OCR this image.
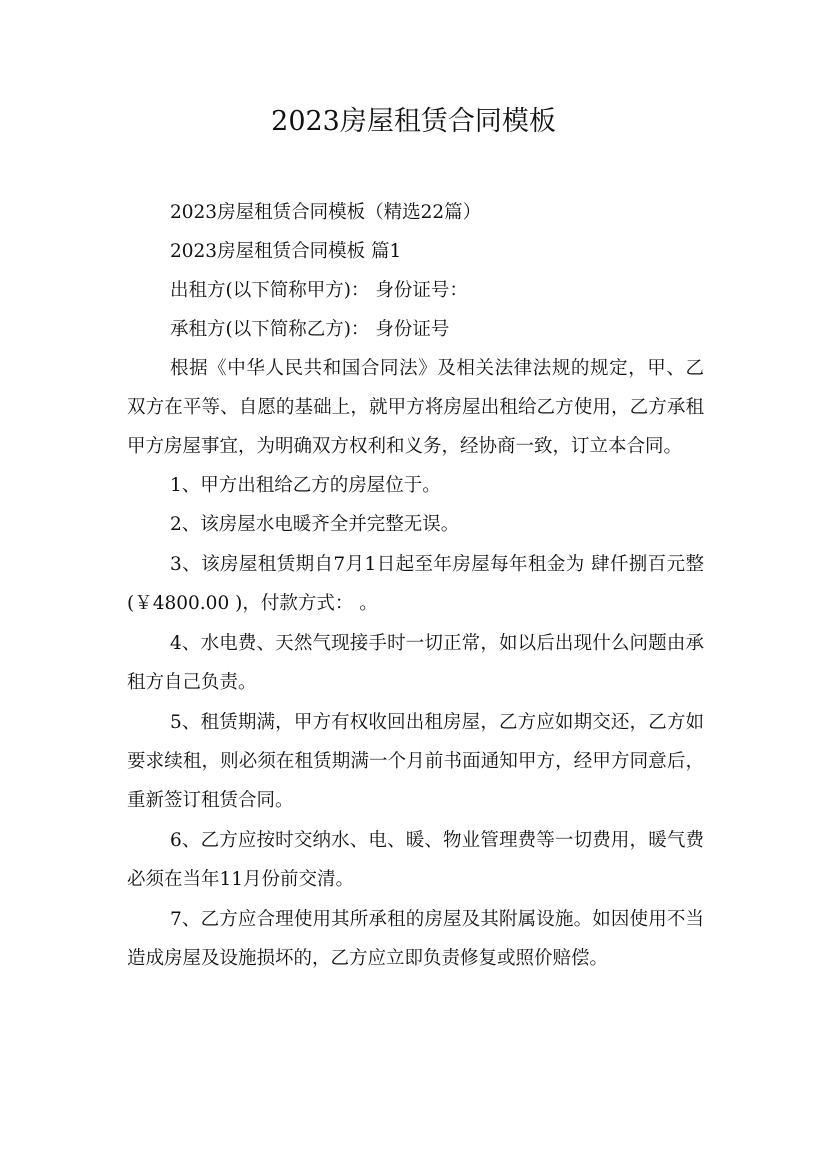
2023房屋租赁合同模板

2023房屋租赁合同模板（精选22篇）

2023房屋租赁合同模板 篇1

出租方(以下简称甲方)： 身份证号：

承租方(以下简称乙方)： 身份证号

根据《中华人民共和国合同法》及相关法律法规的规定，甲、乙双方在平等、自愿的基础上，就甲方将房屋出租给乙方使用，乙方承租甲方房屋事宜，为明确双方权利和义务，经协商一致，订立本合同。

1、甲方出租给乙方的房屋位于。

2、该房屋水电暖齐全并完整无误。

3、该房屋租赁期自7月1日起至年房屋每年租金为 肆仟捌百元整(￥4800.00 )，付款方式： 。

4、水电费、天然气现接手时一切正常，如以后出现什么问题由承租方自己负责。

5、租赁期满，甲方有权收回出租房屋，乙方应如期交还，乙方如要求续租，则必须在租赁期满一个月前书面通知甲方，经甲方同意后，重新签订租赁合同。

6、乙方应按时交纳水、电、暖、物业管理费等一切费用，暖气费必须在当年11月份前交清。

7、乙方应合理使用其所承租的房屋及其附属设施。如因使用不当造成房屋及设施损坏的，乙方应立即负责修复或照价赔偿。
